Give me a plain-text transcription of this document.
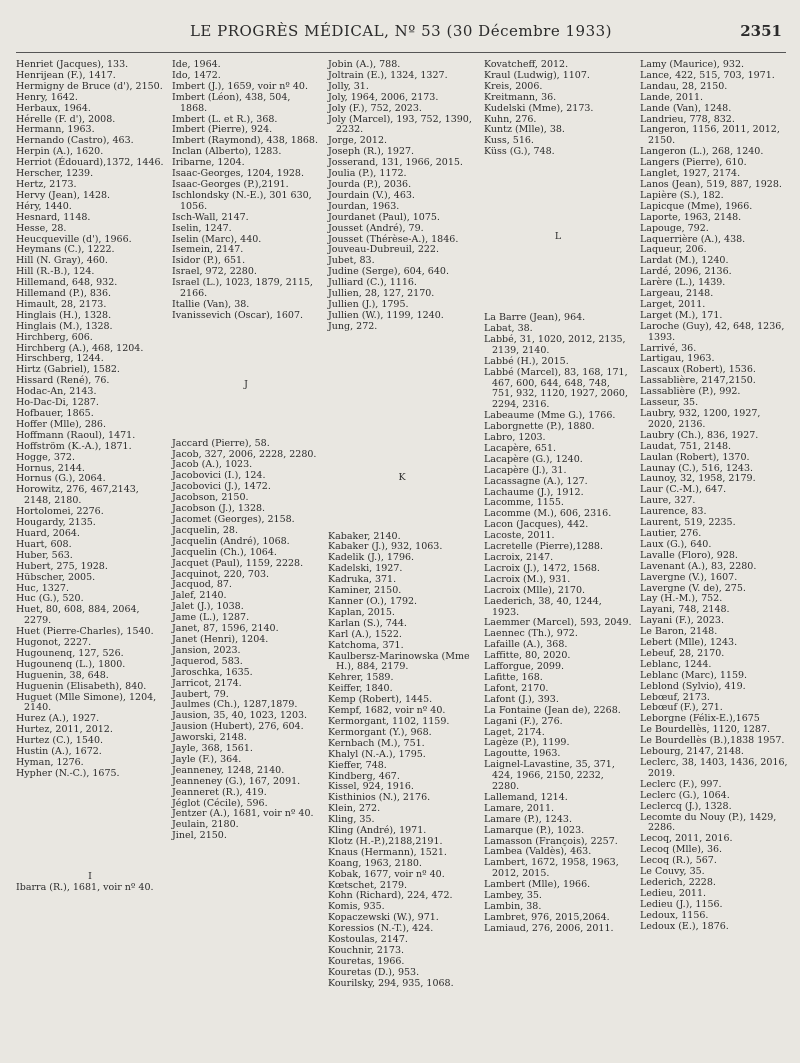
LE PROGRÈS MÉDICAL, Nº 53 (30 Décembre 1933)	2351

Henriet (Jacques), 133.

Henrijean (F.), 1417.

Hermigny de Bruce (d'), 2150.

Henry, 1642.

Herbaux, 1964.

Hérelle (F. d'), 2008.

Hermann, 1963.

Hernando (Castro), 463.

Herpin (A.), 1620.

Herriot (Édouard),1372, 1446.

Herscher, 1239.

Hertz, 2173.

Hervy (Jean), 1428.

Héry, 1440.

Hesnard, 1148.

Hesse, 28.

Heucqueville (d'), 1966.

Heymans (C.), 1222.

Hill (N. Gray), 460.

Hill (R.-B.), 124.

Hillemand, 648, 932.

Hillemand (P.), 836.

Himault, 28, 2173.

Hinglais (H.), 1328.

Hinglais (M.), 1328.

Hirchberg, 606.

Hirchberg (A.), 468, 1204.

Hirschberg, 1244.

Hirtz (Gabriel), 1582.

Hissard (René), 76.

Hodac-An, 2143.

Ho-Dac-Di, 1287.

Hofbauer, 1865.

Hoffer (Mlle), 286.

Hoffmann (Raoul), 1471.

Hoffström (K.-A.), 1871.

Hogge, 372.

Hornus, 2144.

Hornus (G.), 2064.

Horowitz, 276, 467,2143, 2148, 2180.

Hortolomei, 2276.

Hougardy, 2135.

Huard, 2064.

Huart, 608.

Huber, 563.

Hubert, 275, 1928.

Hübscher, 2005.

Huc, 1327.

Huc (G.), 520.

Huet, 80, 608, 884, 2064, 2279.

Huet (Pierre-Charles), 1540.

Hugonot, 2227.

Hugounenq, 127, 526.

Hugounenq (L.), 1800.

Huguenin, 38, 648.

Huguenin (Elisabeth), 840.

Huguet (Mlle Simone), 1204, 2140.

Hurez (A.), 1927.

Hurtez, 2011, 2012.

Hurtez (C.), 1540.

Hustin (A.), 1672.

Hyman, 1276.

Hypher (N.-C.), 1675.

I

Ibarra (R.), 1681, voir nº 40.

Ide, 1964.

Ido, 1472.

Imbert (J.), 1659, voir nº 40.

Imbert (Léon), 438, 504, 1868.

Imbert (L. et R.), 368.

Imbert (Pierre), 924.

Imbert (Raymond), 438, 1868.

Inclan (Alberto), 1283.

Iribarne, 1204.

Isaac-Georges, 1204, 1928.

Isaac-Georges (P.),2191.

Ischlondsky (N.-E.), 301 630, 1056.

Isch-Wall, 2147.

Iselin, 1247.

Iselin (Marc), 440.

Isemein, 2147.

Isidor (P.), 651.

Israel, 972, 2280.

Israel (L.), 1023, 1879, 2115, 2166.

Itallie (Van), 38.

Ivanissevich (Oscar), 1607.

J

Jaccard (Pierre), 58.

Jacob, 327, 2006, 2228, 2280.

Jacob (A.), 1023.

Jacobovici (I.), 124.

Jacobovici (J.), 1472.

Jacobson, 2150.

Jacobson (J.), 1328.

Jacomet (Georges), 2158.

Jacquelin, 28.

Jacquelin (André), 1068.

Jacquelin (Ch.), 1064.

Jacquet (Paul), 1159, 2228.

Jacquinot, 220, 703.

Jacquod, 87.

Jalef, 2140.

Jalet (J.), 1038.

Jame (L.), 1287.

Janet, 87, 1596, 2140.

Janet (Henri), 1204.

Jansion, 2023.

Jaquerod, 583.

Jaroschka, 1635.

Jarricot, 2174.

Jaubert, 79.

Jaulmes (Ch.), 1287,1879.

Jausion, 35, 40, 1023, 1203.

Jausion (Hubert), 276, 604.

Jaworski, 2148.

Jayle, 368, 1561.

Jayle (F.), 364.

Jeanneney, 1248, 2140.

Jeanneney (G.), 167, 2091.

Jeanneret (R.), 419.

Jéglot (Cécile), 596.

Jentzer (A.), 1681, voir nº 40.

Jeulain, 2180.

Jinel, 2150.

Jobin (A.), 788.

Joltrain (E.), 1324, 1327.

Jolly, 31.

Joly, 1964, 2006, 2173.

Joly (F.), 752, 2023.

Joly (Marcel), 193, 752, 1390, 2232.

Jorge, 2012.

Joseph (R.), 1927.

Josserand, 131, 1966, 2015.

Joulia (P.), 1172.

Jourda (P.), 2036.

Jourdain (V.), 463.

Jourdan, 1963.

Jourdanet (Paul), 1075.

Jousset (André), 79.

Jousset (Thérèse-A.), 1846.

Jouveau-Dubreuil, 222.

Jubet, 83.

Judine (Serge), 604, 640.

Julliard (C.), 1116.

Jullien, 28, 127, 2170.

Jullien (J.), 1795.

Jullien (W.), 1199, 1240.

Jung, 272.

K

Kabaker, 2140.

Kabaker (J.), 932, 1063.

Kadelik (J.), 1796.

Kadelski, 1927.

Kadruka, 371.

Kaminer, 2150.

Kanner (O.), 1792.

Kaplan, 2015.

Karlan (S.), 744.

Karl (A.), 1522.

Katchoma, 371.

Kaulbersz-Marinowska (Mme H.), 884, 2179.

Kehrer, 1589.

Keiffer, 1840.

Kemp (Robert), 1445.

Kempf, 1682, voir nº 40.

Kermorgant, 1102, 1159.

Kermorgant (Y.), 968.

Kernbach (M.), 751.

Khalyl (N.-A.), 1795.

Kieffer, 748.

Kindberg, 467.

Kissel, 924, 1916.

Kisthinios (N.), 2176.

Klein, 272.

Kling, 35.

Kling (André), 1971.

Klotz (H.-P.),2188,2191.

Knaus (Hermann), 1521.

Koang, 1963, 2180.

Kobak, 1677, voir nº 40.

Kœtschet, 2179.

Kohn (Richard), 224, 472.

Komis, 935.

Kopaczewski (W.), 971.

Koressios (N.-T.), 424.

Kostoulas, 2147.

Kouchnir, 2173.

Kouretas, 1966.

Kouretas (D.), 953.

Kourilsky, 294, 935, 1068.

Kovatcheff, 2012.

Kraul (Ludwig), 1107.

Kreis, 2006.

Kreitmann, 36.

Kudelski (Mme), 2173.

Kuhn, 276.

Kuntz (Mlle), 38.

Kuss, 516.

Küss (G.), 748.

L

La Barre (Jean), 964.

Labat, 38.

Labbé, 31, 1020, 2012, 2135, 2139, 2140.

Labbé (H.), 2015.

Labbé (Marcel), 83, 168, 171, 467, 600, 644, 648, 748, 751, 932, 1120, 1927, 2060, 2294, 2316.

Labeaume (Mme G.), 1766.

Laborgnette (P.), 1880.

Labro, 1203.

Lacapère, 651.

Lacapère (G.), 1240.

Lacapère (J.), 31.

Lacassagne (A.), 127.

Lachaume (J.), 1912.

Lacomme, 1155.

Lacomme (M.), 606, 2316.

Lacon (Jacques), 442.

Lacoste, 2011.

Lacretelle (Pierre),1288.

Lacroix, 2147.

Lacroix (J.), 1472, 1568.

Lacroix (M.), 931.

Lacroix (Mlle), 2170.

Laederich, 38, 40, 1244, 1923.

Laemmer (Marcel), 593, 2049.

Laennec (Th.), 972.

Lafaille (A.), 368.

Laffitte, 80, 2020.

Lafforgue, 2099.

Lafitte, 168.

Lafont, 2170.

Lafont (J.), 393.

La Fontaine (Jean de), 2268.

Lagani (F.), 276.

Laget, 2174.

Lagèze (P.), 1199.

Lagoutte, 1963.

Laignel-Lavastine, 35, 371, 424, 1966, 2150, 2232, 2280.

Lallemand, 1214.

Lamare, 2011.

Lamare (P.), 1243.

Lamarque (P.), 1023.

Lamasson (François), 2257.

Lambea (Valdès), 463.

Lambert, 1672, 1958, 1963, 2012, 2015.

Lambert (Mlle), 1966.

Lambey, 35.

Lambin, 38.

Lambret, 976, 2015,2064.

Lamiaud, 276, 2006, 2011.

Lamy (Maurice), 932.

Lance, 422, 515, 703, 1971.

Landau, 28, 2150.

Lande, 2011.

Lande (Van), 1248.

Landrieu, 778, 832.

Langeron, 1156, 2011, 2012, 2150.

Langeron (L.), 268, 1240.

Langers (Pierre), 610.

Langlet, 1927, 2174.

Lanos (Jean), 519, 887, 1928.

Lapière (S.), 182.

Lapicque (Mme), 1966.

Laporte, 1963, 2148.

Lapouge, 792.

Laquerrière (A.), 438.

Laqueur, 206.

Lardat (M.), 1240.

Lardé, 2096, 2136.

Larère (L.), 1439.

Largeau, 2148.

Larget, 2011.

Larget (M.), 171.

Laroche (Guy), 42, 648, 1236, 1393.

Larrivé, 36.

Lartigau, 1963.

Lascaux (Robert), 1536.

Lassablière, 2147,2150.

Lassablière (P.), 992.

Lasseur, 35.

Laubry, 932, 1200, 1927, 2020, 2136.

Laubry (Ch.), 836, 1927.

Laudat, 751, 2148.

Laulan (Robert), 1370.

Launay (C.), 516, 1243.

Launoy, 32, 1958, 2179.

Laur (C.-M.), 647.

Laure, 327.

Laurence, 83.

Laurent, 519, 2235.

Lautier, 276.

Laux (G.), 640.

Lavalle (Floro), 928.

Lavenant (A.), 83, 2280.

Lavergne (V.), 1607.

Lavergne (V. de), 275.

Lay (H.-M.), 752.

Layani, 748, 2148.

Layani (F.), 2023.

Le Baron, 2148.

Lebert (Mlle), 1243.

Lebeuf, 28, 2170.

Leblanc, 1244.

Leblanc (Marc), 1159.

Leblond (Sylvio), 419.

Lebœuf, 2173.

Lebœuf (F.), 271.

Leborgne (Félix-E.),1675

Le Bourdellès, 1120, 1287.

Le Bourdellès (B.),1838 1957.

Lebourg, 2147, 2148.

Leclerc, 38, 1403, 1436, 2016, 2019.

Leclerc (F.), 997.

Leclerc (G.), 1064.

Leclercq (J.), 1328.

Lecomte du Nouy (P.), 1429, 2286.

Lecoq, 2011, 2016.

Lecoq (Mlle), 36.

Lecoq (R.), 567.

Le Couvy, 35.

Lederich, 2228.

Ledieu, 2011.

Ledieu (J.), 1156.

Ledoux, 1156.

Ledoux (E.), 1876.
